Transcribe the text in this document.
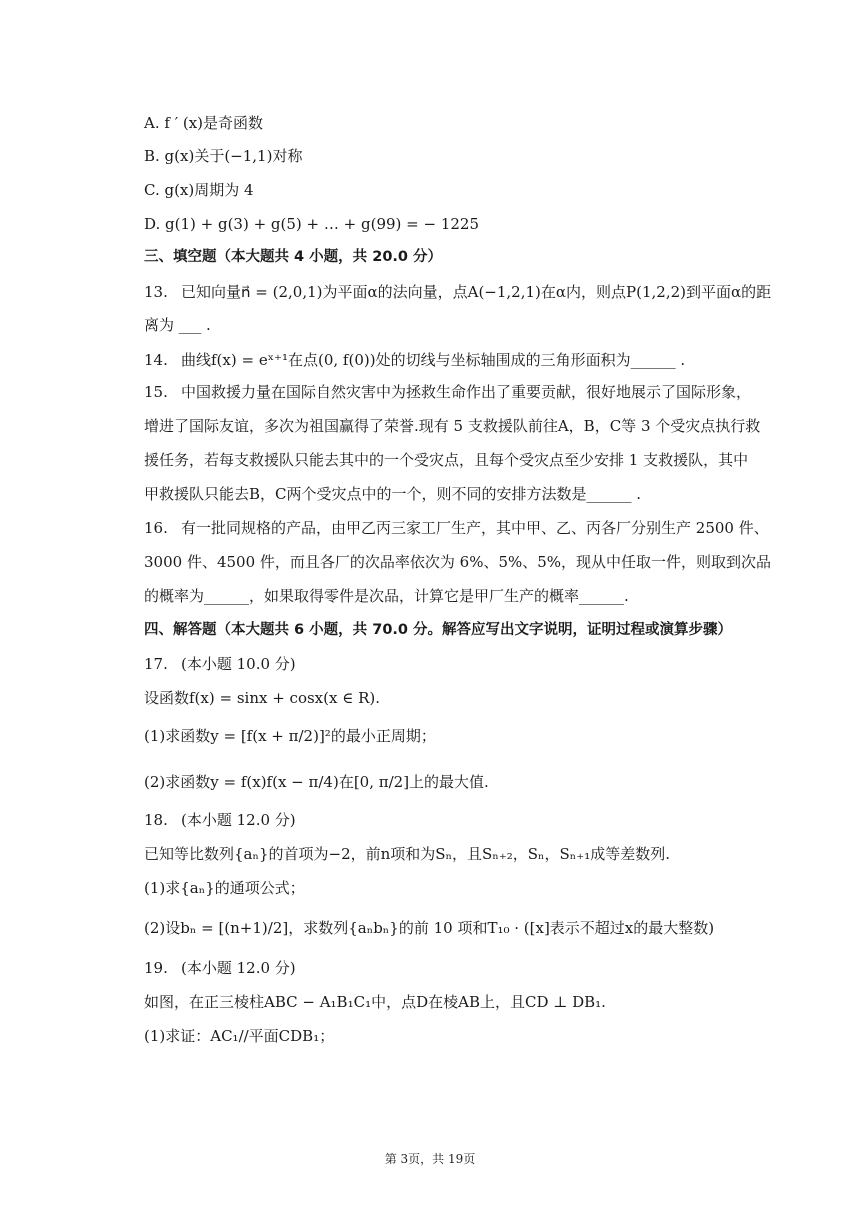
A. f ′ (x)是奇函数
B. g(x)关于(−1,1)对称
C. g(x)周期为 4
D. g(1) + g(3) + g(5) + … + g(99) = − 1225
三、填空题（本大题共 4 小题，共 20.0 分）
13. 已知向量n⃗ = (2,0,1)为平面α的法向量，点A(−1,2,1)在α内，则点P(1,2,2)到平面α的距
离为 ___ .
14. 曲线f(x) = eˣ⁺¹在点(0, f(0))处的切线与坐标轴围成的三角形面积为______ .
15. 中国救援力量在国际自然灾害中为拯救生命作出了重要贡献，很好地展示了国际形象，
增进了国际友谊，多次为祖国赢得了荣誉.现有 5 支救援队前往A，B，C等 3 个受灾点执行救
援任务，若每支救援队只能去其中的一个受灾点，且每个受灾点至少安排 1 支救援队，其中
甲救援队只能去B，C两个受灾点中的一个，则不同的安排方法数是______ .
16. 有一批同规格的产品，由甲乙丙三家工厂生产，其中甲、乙、丙各厂分别生产 2500 件、
3000 件、4500 件，而且各厂的次品率依次为 6%、5%、5%，现从中任取一件，则取到次品
的概率为______，如果取得零件是次品，计算它是甲厂生产的概率______.
四、解答题（本大题共 6 小题，共 70.0 分。解答应写出文字说明，证明过程或演算步骤）
17. (本小题 10.0 分)
设函数f(x) = sinx + cosx(x ∈ R).
(1)求函数y = [f(x + π/2)]²的最小正周期；
(2)求函数y = f(x)f(x − π/4)在[0, π/2]上的最大值.
18. (本小题 12.0 分)
已知等比数列{aₙ}的首项为−2，前n项和为Sₙ，且Sₙ₊₂，Sₙ，Sₙ₊₁成等差数列.
(1)求{aₙ}的通项公式；
(2)设bₙ = [(n+1)/2]，求数列{aₙbₙ}的前 10 项和T₁₀ · ([x]表示不超过x的最大整数)
19. (本小题 12.0 分)
如图，在正三棱柱ABC − A₁B₁C₁中，点D在棱AB上，且CD ⊥ DB₁.
(1)求证：AC₁//平面CDB₁；
第 3页，共 19页
